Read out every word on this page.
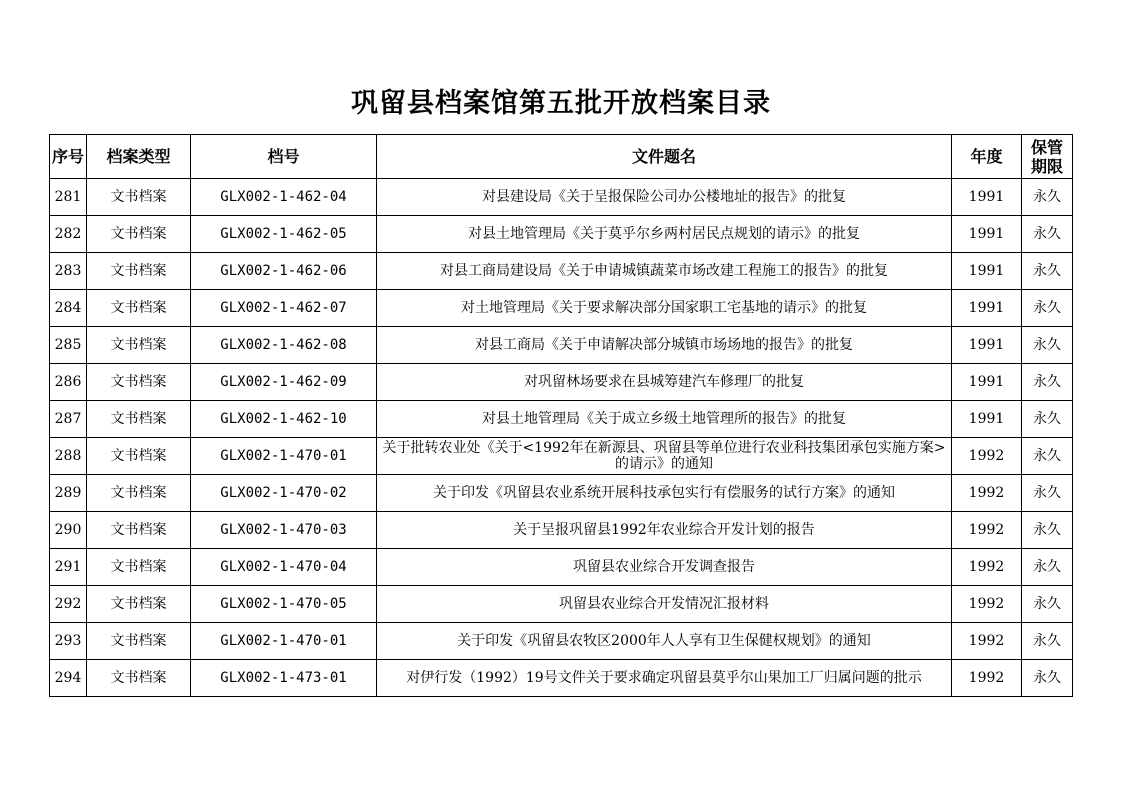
巩留县档案馆第五批开放档案目录
序号	档案类型	档号	文件题名	年度	保管期限
281	文书档案	GLX002-1-462-04	对县建设局《关于呈报保险公司办公楼地址的报告》的批复	1991	永久
282	文书档案	GLX002-1-462-05	对县土地管理局《关于莫乎尔乡两村居民点规划的请示》的批复	1991	永久
283	文书档案	GLX002-1-462-06	对县工商局建设局《关于申请城镇蔬菜市场改建工程施工的报告》的批复	1991	永久
284	文书档案	GLX002-1-462-07	对土地管理局《关于要求解决部分国家职工宅基地的请示》的批复	1991	永久
285	文书档案	GLX002-1-462-08	对县工商局《关于申请解决部分城镇市场场地的报告》的批复	1991	永久
286	文书档案	GLX002-1-462-09	对巩留林场要求在县城筹建汽车修理厂的批复	1991	永久
287	文书档案	GLX002-1-462-10	对县土地管理局《关于成立乡级土地管理所的报告》的批复	1991	永久
288	文书档案	GLX002-1-470-01	关于批转农业处《关于<1992年在新源县、巩留县等单位进行农业科技集团承包实施方案>的请示》的通知	1992	永久
289	文书档案	GLX002-1-470-02	关于印发《巩留县农业系统开展科技承包实行有偿服务的试行方案》的通知	1992	永久
290	文书档案	GLX002-1-470-03	关于呈报巩留县1992年农业综合开发计划的报告	1992	永久
291	文书档案	GLX002-1-470-04	巩留县农业综合开发调查报告	1992	永久
292	文书档案	GLX002-1-470-05	巩留县农业综合开发情况汇报材料	1992	永久
293	文书档案	GLX002-1-470-01	关于印发《巩留县农牧区2000年人人享有卫生保健权规划》的通知	1992	永久
294	文书档案	GLX002-1-473-01	对伊行发（1992）19号文件关于要求确定巩留县莫乎尔山果加工厂归属问题的批示	1992	永久
